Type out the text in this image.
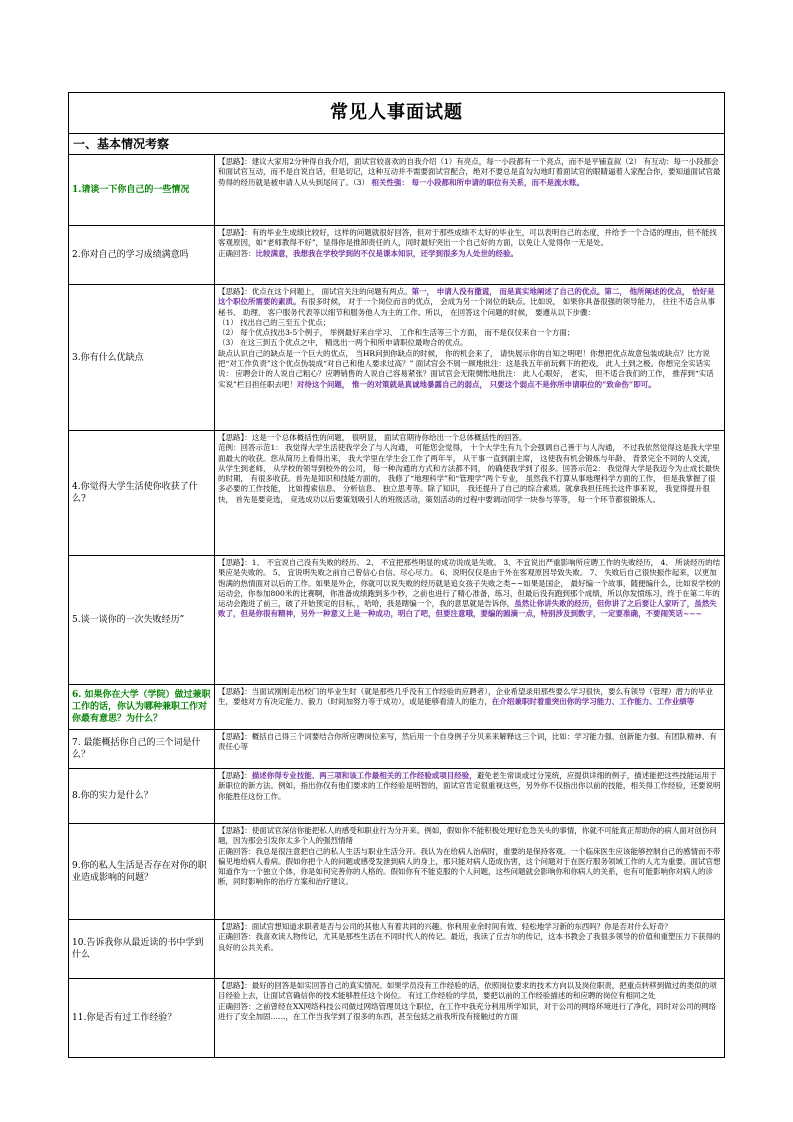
常见人事面试题
一、基本情况考察
1.请谈一下你自己的一些情况

【思路】：建议大家用2分钟得自我介绍，面试官较喜欢的自我介绍（1）有亮点，每一小段都有一个亮点，而不是平铺直叙（2） 有互动：每一小段都会和面试官互动，而不是自说自话，但是切记，这种互动并不需要面试官配合，绝对不要总是直勾勾地盯着面试官的眼睛逼着人家配合你，要知道面试官最势得的经历就是被申请人从头到尾问了。（3） 相关性强： 每一小段都和所申请的职位有关系，而不是流水账。

2.你对自己的学习成绩满意吗

【思路】：有的毕业生成绩比较好，这样的问题就很好回答，但对于那些成绩不太好的毕业生，可以表明自己的态度，并给予一个合适的理由，但不能找客观原因，如“老师教得不好”，显得你是推卸责任的人，同时最好突出一个自己好的方面，以免让人觉得你一无是处。

正确回答：比较满意，我想我在学校学到的不仅是课本知识，还学到很多为人处世的经验。

3.你有什么优缺点

【思路】：优点在这个问题上， 面试官关注的问题有两点。第一， 申请人没有撒谎， 而是真实地阐述了自己的优点。第二， 他所阐述的优点， 恰好是这个职位所需要的素质。有很多时候， 对于一个岗位而言的优点， 会成为另一个岗位的缺点。比如说， 如果你具备很强的领导能力， 往往不适合从事秘书、 助理、 客户服务代表等以细节和服务他人为主的工作。所以， 在回答这个问题的时候， 要遵从以下步骤：

（1） 找出自己的三至五个优点；

（2） 每个优点找出3-5个例子， 举例最好来自学习、 工作和生活等三个方面， 而不是仅仅来自一个方面；

（3） 在这三到五个优点之中， 精选出一两个和所申请职位最吻合的优点。

缺点认识自己的缺点是一个巨大的优点， 当HR问到你缺点的时候， 你的机会来了， 请快展示你的自知之明吧！你想把优点故意包装成缺点？比方说把“对工作负责”这个优点伪装成“对自己和他人要求过高？” 面试官会不屑一顾地批注：这是我五年前玩剩下的把戏， 此人土到之极。你想完全实话实说： 应聘会计的人说自己粗心？应聘销售的人说自己容易紧张？面试官会无限惆怅地批注： 此人心眼好， 老实， 但不适合我们的工作， 推荐到“实话实说”栏目担任职去吧！对待这个问题， 惟一的对策就是真诚地暴露自己的弱点， 只要这个弱点不是你所申请职位的“致命伤”即可。

4.你觉得大学生活使你收获了什么?

【思路】：这是一个总体概括性的问题， 很明显， 面试官期待你给出一个总体概括性的回答。

范例：回答示范1： 我觉得大学生活使我学会了与人沟通， 可能您会觉得， 十个大学生有九个会强调自己善于与人沟通， 不过我依然觉得这是我大学里面最大的收获。您从简历上看得出来， 我大学里在学生会工作了两年半， 从干事一直到副主席， 这使我有机会锻炼与年龄、 背景完全不同的人交流， 从学生到老师， 从学校的领导到校外的公司， 每一种沟通的方式和方法都不同， 的确使我学到了很多。回答示范2： 我觉得大学是我迈今为止成长最快的时期， 有很多收获。首先是知识和技能方面的， 我修了“地理科学”和“管理学”两个专业， 虽然我不打算从事地理科学方面的工作， 但是我掌握了很多必要的工作技能， 比如搜索信息、 分析信息、 独立思考等。除了知识， 我还提升了自己的综合素质。就拿我担任班长这件事来说， 我觉得提升很快， 首先是要竞选， 竞选成功以后要策划吸引人的班级活动，策划活动的过程中要调动同学一块参与等等， 每一个环节都很锻炼人。

5.谈一谈你的一次失败经历”

【思路】：1、 不宜说自己没有失败的经历。 2、 不宜把那些明显的成功说成是失败。 3、不宜说出严重影响所应聘工作的失败经历， 4、 所谈经历的结果应是失败的。 5、 宜说明失败之前自己曾信心自信、尽心尽力。 6、说明仅仅是由于外在客观原因导致失败。 7、 失败后自己很快振作起来，以更加饱满的热情面对以后的工作。如果是外企，你就可以说失败的经历就是追女孩子失败之类~~如果是国企， 最好编一个故事，随便编什么，比如说学校的运动会，你参加800米的比赛啊，你准备成绩跑到多少秒，之前也进行了精心准备，练习，但最后没有跑到那个成绩，所以你发愤练习，终于在第二年的运动会跑进了前三，破了开始预定的目标，，哈哈，我是瞎编一个，我的意思就是告诉你，虽然让你讲失败的经历，但你讲了之后要让人家听了，虽然失败了，但是你很有精神，另外一种意义上是一种成功，明白了吧，但要注意哦，要编的圆滴一点，特别涉及到数字，一定要准确，不要闹笑话~~~

6. 如果你在大学（学院）做过兼职工作的话，你认为哪种兼职工作对你最有意思？为什么？

【思路】：当面试刚刚走出校门的毕业生时（就是那些几乎没有工作经验的应聘者），企业希望录用那些要么学习很快，要么有领导（管理）潜力的毕业生，要他对方有决定能力、毅力（时间加努力等于成功），或是能够看清人的能力，在介绍兼职时着重突出你的学习能力、工作能力、工作业绩等

7. 最能概括你自己的三个词是什么？

【思路】：概括自己得三个词要结合你所应聘岗位来写，然后用一个自身例子分贝来来解释这三个词，比如：学习能力强、创新能力强、有团队精神、有责任心等

8.你的实力是什么？

【思路】：描述你得专业技能、两三项和该工作最相关的工作经验或项目经验，避免老生常谈或过分笼统，应提供详细的例子，描述能把这些技能运用于新职位的新方法。例如，指出你仅有他们要求的工作经验是明智的，面试官肯定很重视这些，另外你不仅指出你以前的技能，相关得工作经验，还要说明你能胜任这份工作。

9.你的私人生活是否存在对你的职业造成影响的问题？

【思路】：使面试官深信你能把私人的感受和职业行为分开来。例如，假如你不能积极处理好危急关头的事情，你就不可能真正帮助你的病人面对创伤问题，因为那会引发你太多个人的强烈情绪

正确回答：我总是很注意把自己的私人生活与职业生活分开。我认为在给病人治病时，重要的是保持客观。一个临床医生应该能够控制自己的感情而不带偏见地给病人看病。假如你把个人的问题或感受发泄到病人的身上，那只能对病人造成伤害，这个问题对于在医疗服务领域工作的人尤为重要。面试官想知道作为一个独立个体，你是如何完善你的人格的。假如你有不能克服的个人问题，这些问题就会影响你和你病人的关系，也有可能影响你对病人的诊断，同时影响你的治疗方案和治疗建议。

10.告诉我你从最近读的书中学到什么

【思路】：面试官想知道求职者是否与公司的其他人有着共同的兴趣。你利用业余时间有效、轻松地学习新的东西吗？你是否对什么好奇？

正确回答：我喜欢读人物传记，尤其是那些生活在不同时代人的传记。最近，我读了丘吉尔的传记，这本书教会了我很多领导的价值和重塑压力下获得的良好的公共关系。

11.你是否有过工作经验？

【思路】：最好的回答是如实回答自己的真实情况。如果学员没有工作经验的话，依照岗位要求的技术方向以及岗位职责，把重点转移到做过的类似的项目经验上去，让面试官确信你的技术能够胜任这个岗位。 有过工作经验的学员，要把以前的工作经验描述的和应聘的岗位有相同之处

正确回答：之前曾经在XX网络科技公司做过网络管理员这个职位，在工作中我充分利用所学知识，对于公司的网络环境进行了净化，同时对公司的网络进行了安全加固……，在工作当我学到了很多的东西，甚至包括之前我所没有接触过的方面
